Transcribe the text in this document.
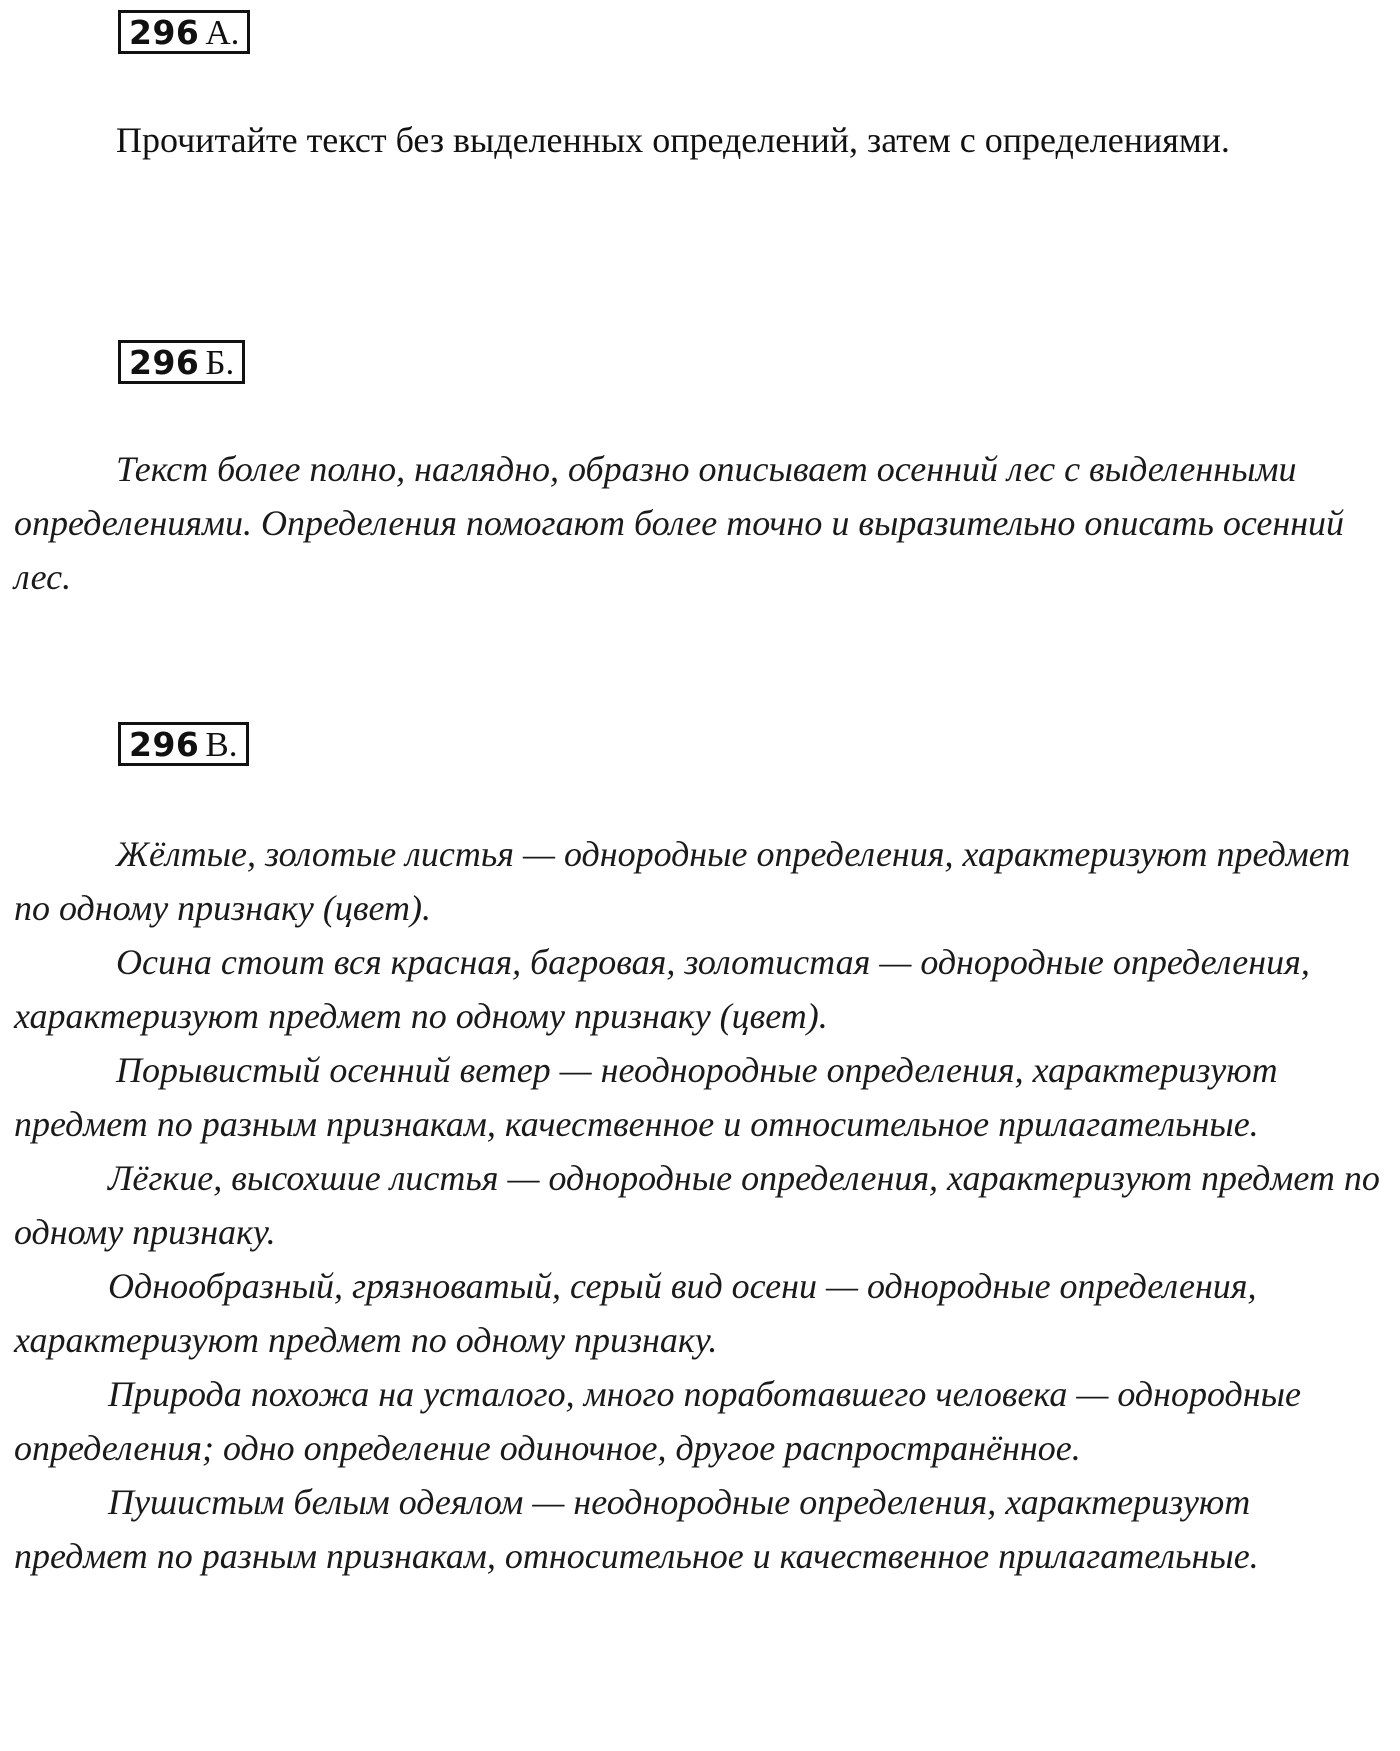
296 А.

Прочитайте текст без выделенных определений, затем с определениями.

296 Б.

Текст более полно, наглядно, образно описывает осенний лес с выделенными определениями. Определения помогают более точно и выразительно описать осенний лес.

296 В.

Жёлтые, золотые листья — однородные определения, характеризуют предмет по одному признаку (цвет).

Осина стоит вся красная, багровая, золотистая — однородные определения, характеризуют предмет по одному признаку (цвет).

Порывистый осенний ветер — неоднородные определения, характеризуют предмет по разным признакам, качественное и относительное прилагательные.

Лёгкие, высохшие листья — однородные определения, характеризуют предмет по одному признаку.

Однообразный, грязноватый, серый вид осени — однородные определения, характеризуют предмет по одному признаку.

Природа похожа на усталого, много поработавшего человека — однородные определения; одно определение одиночное, другое распространённое.

Пушистым белым одеялом — неоднородные определения, характеризуют предмет по разным признакам, относительное и качественное прилагательные.
